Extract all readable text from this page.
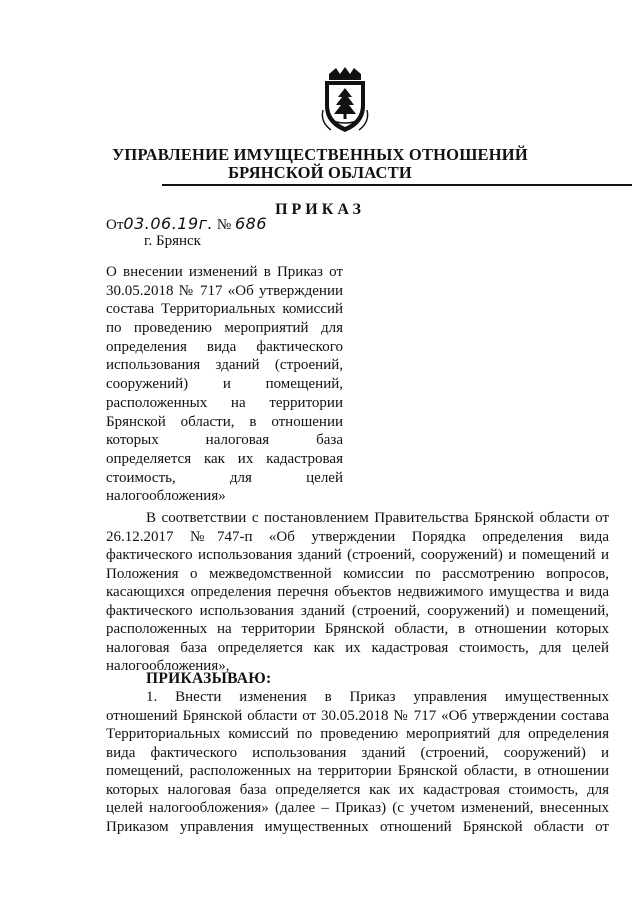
УПРАВЛЕНИЕ ИМУЩЕСТВЕННЫХ ОТНОШЕНИЙ
БРЯНСКОЙ ОБЛАСТИ
ПРИКАЗ
От03.06.19г. № 686
г. Брянск
О внесении изменений в Приказ от
30.05.2018 № 717 «Об утверждении
состава Территориальных комиссий
по проведению мероприятий для
определения вида фактического
использования зданий (строений,
сооружений) и помещений,
расположенных на территории
Брянской области, в отношении
которых налоговая база
определяется как их кадастровая
стоимость, для целей
налогообложения»
В соответствии с постановлением Правительства Брянской области от
26.12.2017 №747-п «Об утверждении Порядка определения вида
фактического использования зданий (строений, сооружений) и помещений и
Положения о межведомственной комиссии по рассмотрению вопросов,
касающихся определения перечня объектов недвижимого имущества и вида
фактического использования зданий (строений, сооружений) и помещений,
расположенных на территории Брянской области, в отношении которых
налоговая база определяется как их кадастровая стоимость, для целей
налогообложения»,
ПРИКАЗЫВАЮ:
1. Внести изменения в Приказ управления имущественных
отношений Брянской области от 30.05.2018 № 717 «Об утверждении состава
Территориальных комиссий по проведению мероприятий для определения
вида фактического использования зданий (строений, сооружений) и
помещений, расположенных на территории Брянской области, в отношении
которых налоговая база определяется как их кадастровая стоимость, для
целей налогообложения» (далее – Приказ) (с учетом изменений, внесенных
Приказом управления имущественных отношений Брянской области от
